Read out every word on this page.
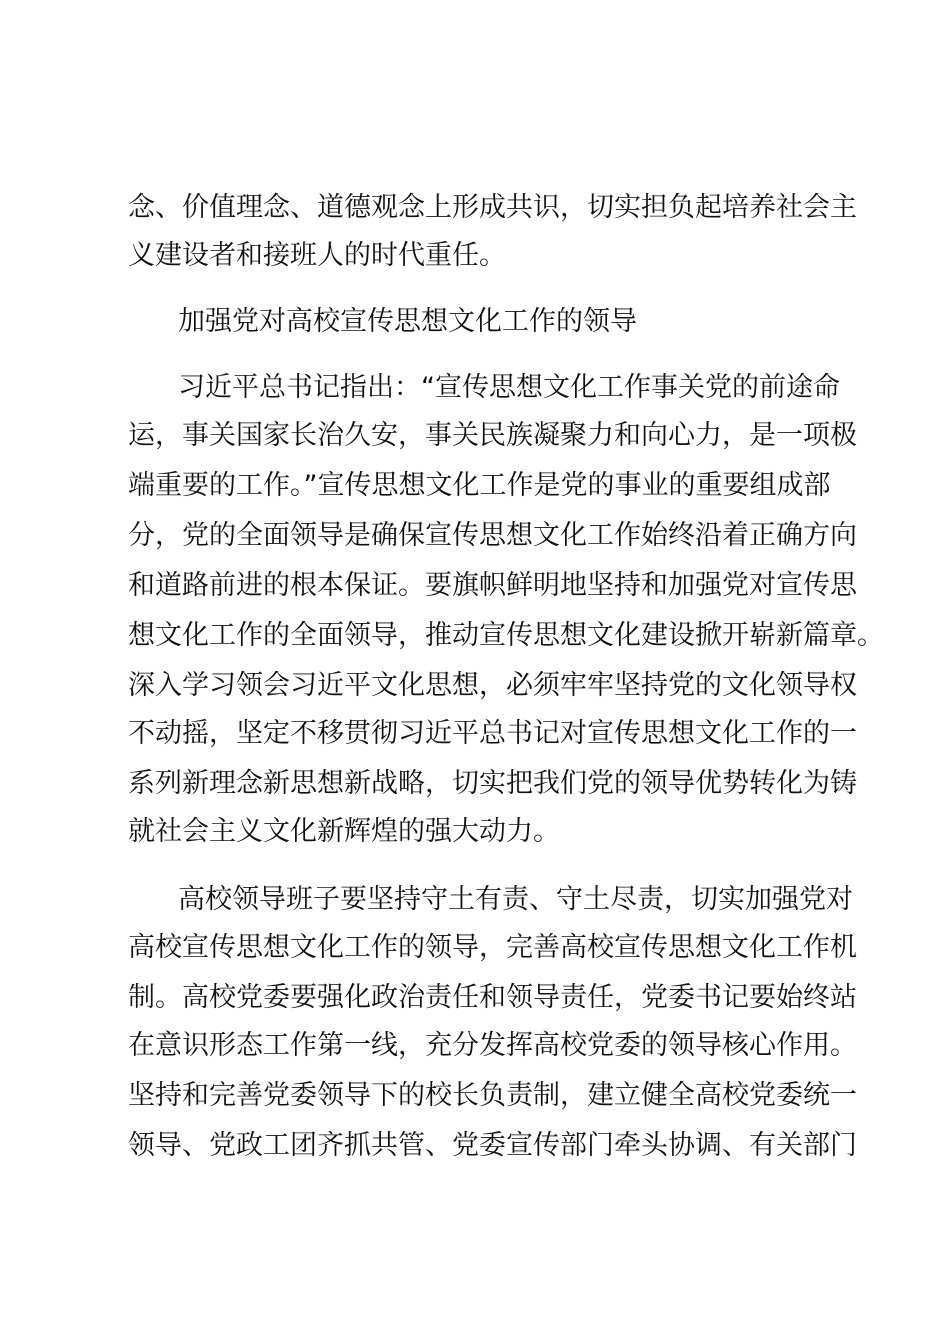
念、价值理念、道德观念上形成共识，切实担负起培养社会主
义建设者和接班人的时代重任。
加强党对高校宣传思想文化工作的领导
习近平总书记指出：“宣传思想文化工作事关党的前途命
运，事关国家长治久安，事关民族凝聚力和向心力，是一项极
端重要的工作。”宣传思想文化工作是党的事业的重要组成部
分，党的全面领导是确保宣传思想文化工作始终沿着正确方向
和道路前进的根本保证。要旗帜鲜明地坚持和加强党对宣传思
想文化工作的全面领导，推动宣传思想文化建设掀开崭新篇章。
深入学习领会习近平文化思想，必须牢牢坚持党的文化领导权
不动摇，坚定不移贯彻习近平总书记对宣传思想文化工作的一
系列新理念新思想新战略，切实把我们党的领导优势转化为铸
就社会主义文化新辉煌的强大动力。
高校领导班子要坚持守土有责、守土尽责，切实加强党对
高校宣传思想文化工作的领导，完善高校宣传思想文化工作机
制。高校党委要强化政治责任和领导责任，党委书记要始终站
在意识形态工作第一线，充分发挥高校党委的领导核心作用。
坚持和完善党委领导下的校长负责制，建立健全高校党委统一
领导、党政工团齐抓共管、党委宣传部门牵头协调、有关部门
